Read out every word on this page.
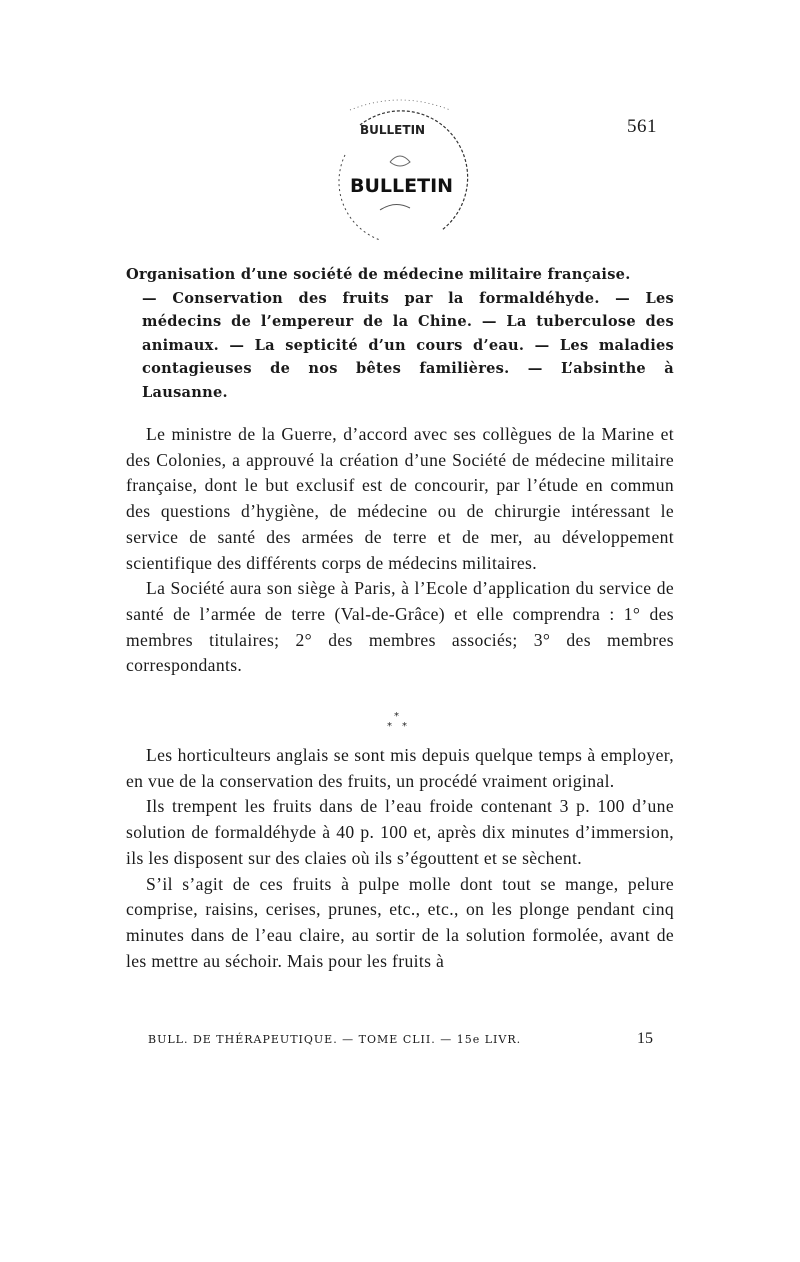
561
BULLETIN
BULLETIN
Organisation d’une société de médecine militaire française.
— Conservation des fruits par la formaldéhyde. — Les médecins de l’empereur de la Chine. — La tuberculose des animaux. — La septicité d’un cours d’eau. — Les maladies contagieuses de nos bêtes familières. — L’absinthe à Lausanne.

Le ministre de la Guerre, d’accord avec ses collègues de la Marine et des Colonies, a approuvé la création d’une Société de médecine militaire française, dont le but exclusif est de concourir, par l’étude en commun des questions d’hygiène, de médecine ou de chirurgie intéressant le service de santé des armées de terre et de mer, au développement scientifique des différents corps de médecins militaires.

La Société aura son siège à Paris, à l’Ecole d’application du service de santé de l’armée de terre (Val-de-Grâce) et elle comprendra : 1° des membres titulaires; 2° des membres associés; 3° des membres correspondants.

*
* *

Les horticulteurs anglais se sont mis depuis quelque temps à employer, en vue de la conservation des fruits, un procédé vraiment original.

Ils trempent les fruits dans de l’eau froide contenant 3 p. 100 d’une solution de formaldéhyde à 40 p. 100 et, après dix minutes d’immersion, ils les disposent sur des claies où ils s’égouttent et se sèchent.

S’il s’agit de ces fruits à pulpe molle dont tout se mange, pelure comprise, raisins, cerises, prunes, etc., etc., on les plonge pendant cinq minutes dans de l’eau claire, au sortir de la solution formolée, avant de les mettre au séchoir. Mais pour les fruits à

BULL. DE THÉRAPEUTIQUE. — TOME CLII. — 15e LIVR.	15
